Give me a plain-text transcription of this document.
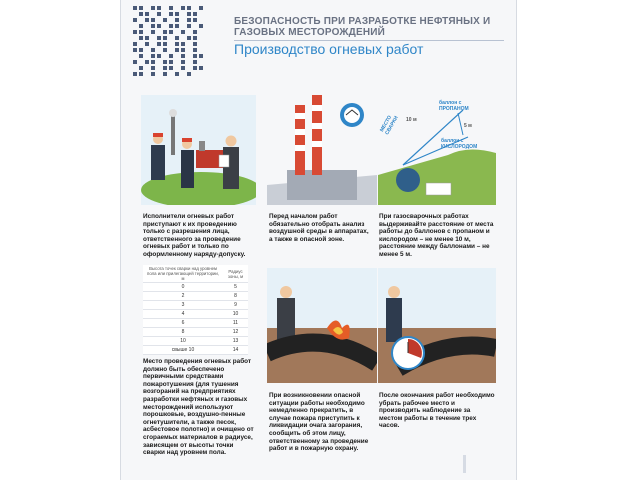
БЕЗОПАСНОСТЬ ПРИ РАЗРАБОТКЕ НЕФТЯНЫХ И ГАЗОВЫХ МЕСТОРОЖДЕНИЙ
Производство огневых работ
баллон с ПРОПАНОМ
баллон с КИСЛОРОДОМ
МЕСТО СВАРКИ	10 м
5 м
Исполнители огневых работ приступают к их проведению только с разрешения лица, ответственного за проведение огневых работ и только по оформленному наряду-допуску.
Перед началом работ обязательно отобрать анализ воздушной среды в аппаратах, а также в опасной зоне.
При газосварочных работах выдерживайте расстояние от места работы до баллонов с пропаном и кислородом – не менее 10 м, расстояние между баллонами – не менее 5 м.
Высота точек сварки над уровнем пола или прилегающей территории, м	Радиус зоны, м
0	5
2	8
3	9
4	10
6	11
8	12
10	13
свыше 10	14
Место проведения огневых работ должно быть обеспечено первичными средствами пожаротушения (для тушения возгораний на предприятиях разработки нефтяных и газовых месторождений используют порошковые, воздушно-пенные огнетушители, а также песок, асбестовое полотно) и очищено от сгораемых материалов в радиусе, зависящем от высоты точки сварки над уровнем пола.
При возникновении опасной ситуации работы необходимо немедленно прекратить, в случае пожара приступить к ликвидации очага загорания, сообщить об этом лицу, ответственному за проведение работ и в пожарную охрану.
После окончания работ необходимо убрать рабочее место и производить наблюдение за местом работы в течение трех часов.
